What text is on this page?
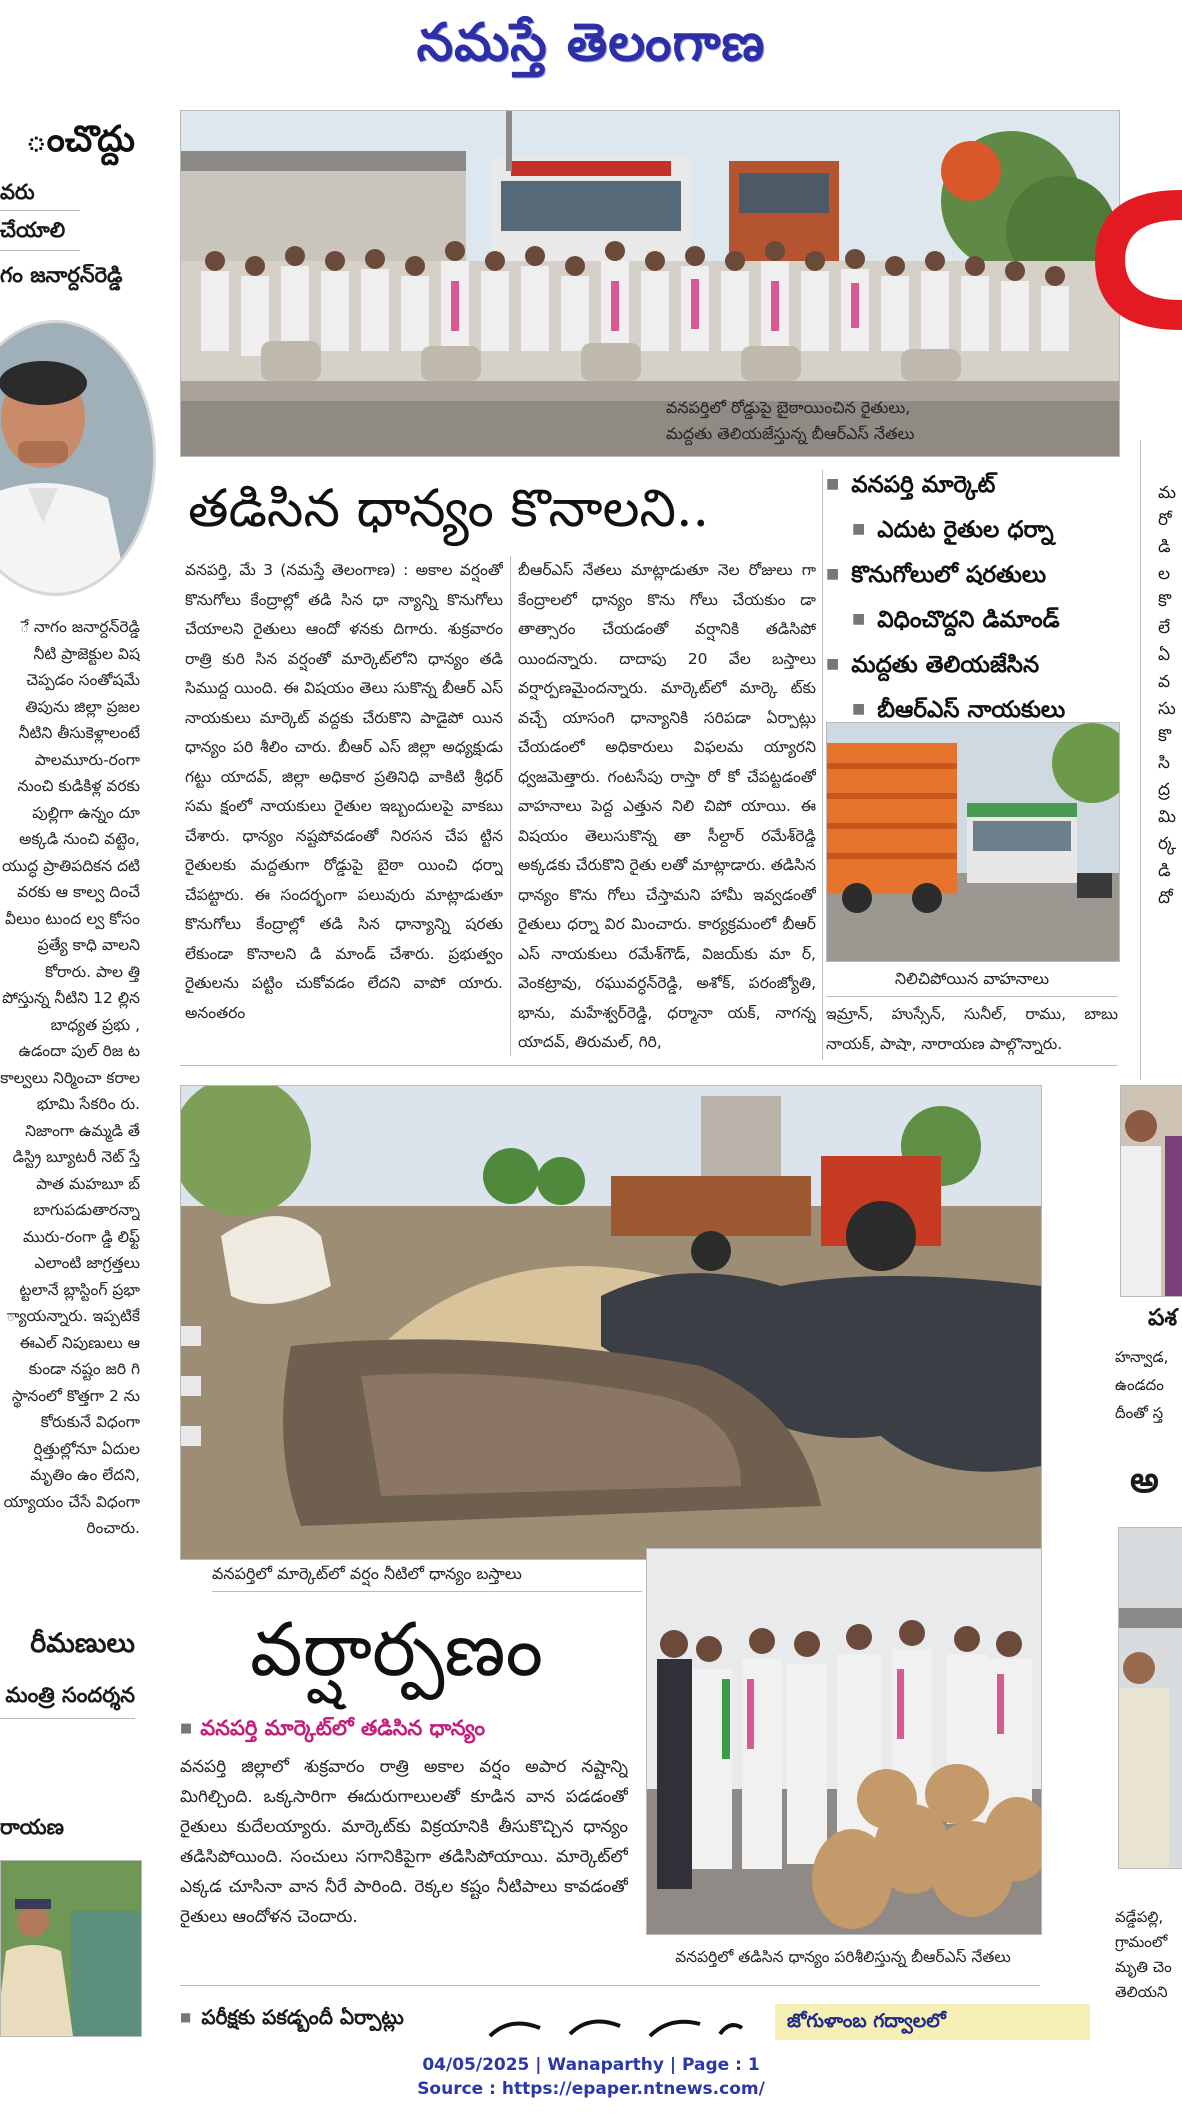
నమస్తే తెలంగాణ
ంచొద్దు
వరు
చేయాలి
గం జనార్దన్‌రెడ్డి
ే నాగం జనార్దన్‌రెడ్డి నీటి ప్రాజెక్టుల విష చెప్పడం సంతోషమే తిపును జిల్లా ప్రజల నీటిని తీసుకెళ్లాలంటే పాలమూరు-రంగా నుంచి కుడికిళ్ల వరకు పుల్లిగా ఉన్నం దూ అక్కడి నుంచి వట్టెం, యుద్ధ ప్రాతిపదికన దటి వరకు ఆ కాల్వ దించే వీలుం టుంద ల్వ కోసం ప్రత్యే కాధి వాలని కోరారు. పాల త్తి పోస్తున్న నీటిని 12 ల్లిన బాధ్యత ప్రభు , ఉడందా పుల్ రిజ ట కాల్వలు నిర్మించా కరాల భూమి సేకరిం రు. నిజాంగా ఉమ్మడి తే డిస్ట్రి బ్యూటరీ నెట్ స్తే పాత మహబూ బ్ బాగుపడుతారన్నా మురు-రంగా డ్డి లిఫ్ట్ ఎలాంటి జాగ్రత్తలు ట్టలానే బ్లాస్టింగ్ ప్రభా ్యాయన్నారు. ఇప్పటికే ఈఎల్ నిపుణులు ఆ కుండా నష్టం జరి గి స్థానంలో కొత్తగా 2 ను కోరుకునే విధంగా ర్షిత్తుల్లోనూ ఏదుల మృతిం ఉం లేదని, య్యాయం చేసే విధంగా రించారు.
రీమణులు
మంత్రి సందర్శన
రాయణ
వనపర్తిలో రోడ్డుపై బైఠాయించిన రైతులు,
మద్దతు తెలియజేస్తున్న బీఆర్‌ఎస్ నేతలు
తడిసిన ధాన్యం కొనాలని..
వనపర్తి, మే 3 (నమస్తే తెలంగాణ) : అకాల వర్షంతో కొనుగోలు కేంద్రాల్లో తడి సిన ధా న్యాన్ని కొనుగోలు చేయాలని రైతులు ఆందో ళనకు దిగారు. శుక్రవారం రాత్రి కురి సిన వర్షంతో మార్కెట్‌లోని ధాన్యం తడి సిముద్ద యింది. ఈ విషయం తెలు సుకొన్న బీఆర్ ఎస్ నాయకులు మార్కెట్ వద్దకు చేరుకొని పాడైపో యిన ధాన్యం పరి శీలిం చారు. బీఆర్ ఎస్ జిల్లా అధ్యక్షుడు గట్టు యాదవ్, జిల్లా అధికార ప్రతినిధి వాకిటి శ్రీధర్ సమ క్షంలో నాయకులు రైతుల ఇబ్బందులపై వాకబు చేశారు. ధాన్యం నష్టపోవడంతో నిరసన చేప ట్టిన రైతులకు మద్దతుగా రోడ్డుపై బైఠా యించి ధర్నా చేపట్టారు. ఈ సందర్భంగా పలువురు మాట్లాడుతూ కొనుగోలు కేంద్రాల్లో తడి సిన ధాన్యాన్ని షరతు లేకుండా కొనాలని డి మాండ్ చేశారు. ప్రభుత్వం రైతులను పట్టిం చుకోవడం లేదని వాపో యారు. అనంతరం
బీఆర్‌ఎస్ నేతలు మాట్లాడుతూ నెల రోజులు గా కేంద్రాలలో ధాన్యం కొను గోలు చేయకుం డా తాత్సారం చేయడంతో వర్షానికి తడిసిపో యిందన్నారు. దాదాపు 20 వేల బస్తాలు వర్షార్పణమైందన్నారు. మార్కెట్‌లో మార్కె ట్‌కు వచ్చే యాసంగి ధాన్యానికి సరిపడా ఏర్పాట్లు చేయడంలో అధికారులు విఫలమ య్యారని ధ్వజమెత్తారు. గంటసేపు రాస్తా రో కో చేపట్టడంతో వాహనాలు పెద్ద ఎత్తున నిలి చిపో యాయి. ఈ విషయం తెలుసుకొన్న తా సీల్దార్ రమేశ్‌రెడ్డి అక్కడకు చేరుకొని రైతు లతో మాట్లాడారు. తడిసిన ధాన్యం కొను గోలు చేస్తామని హామీ ఇవ్వడంతో రైతులు ధర్నా విర మించారు. కార్యక్రమంలో బీఆర్ ఎస్ నాయకులు రమేశ్‌గౌడ్, విజయ్‌కు మా ర్, వెంకట్రావు, రఘువర్ధన్‌రెడ్డి, అశోక్, పరంజ్యోతి, భాను, మహేశ్వర్‌రెడ్డి, ధర్మానా యక్, నాగన్న యాదవ్, తిరుమల్, గిరి,
■ వనపర్తి మార్కెట్
■ ఎదుట రైతుల ధర్నా
■ కొనుగోలులో షరతులు
■ విధించొద్దని డిమాండ్
■ మద్దతు తెలియజేసిన
■ బీఆర్‌ఎస్ నాయకులు
నిలిచిపోయిన వాహనాలు
ఇమ్రాన్, హుస్సేన్, సునీల్, రాము, బాబు నాయక్, పాషా, నారాయణ పాల్గొన్నారు.
వనపర్తిలో మార్కెట్‌లో వర్షం నీటిలో ధాన్యం బస్తాలు
వర్షార్పణం
■ వనపర్తి మార్కెట్‌లో తడిసిన ధాన్యం
వనపర్తి జిల్లాలో శుక్రవారం రాత్రి అకాల వర్షం అపార నష్టాన్ని మిగిల్చింది. ఒక్కసారిగా ఈదురుగాలులతో కూడిన వాన పడడంతో రైతులు కుదేలయ్యారు. మార్కెట్‌కు విక్రయానికి తీసుకొచ్చిన ధాన్యం తడిసిపోయింది. సంచులు సగానికిపైగా తడిసిపోయాయి. మార్కెట్‌లో ఎక్కడ చూసినా వాన నీరే పారింది. రెక్కల కష్టం నీటిపాలు కావడంతో రైతులు ఆందోళన చెందారు.
వనపర్తిలో తడిసిన ధాన్యం పరిశీలిస్తున్న బీఆర్‌ఎస్ నేతలు
■ పరీక్షకు పకడ్బందీ ఏర్పాట్లు	జోగుళాంబ గద్వాలలో
మ రో డి ల కొ లే ఏ వ సు కొ సి ద్ర మి ర్క డి దో
పశ
హన్వాడ, ఉండదం దీంతో స్త
అ
వడ్డేపల్లి, గ్రామంలో మృతి చెం తెలియని
04/05/2025 | Wanaparthy | Page : 1
Source : https://epaper.ntnews.com/
